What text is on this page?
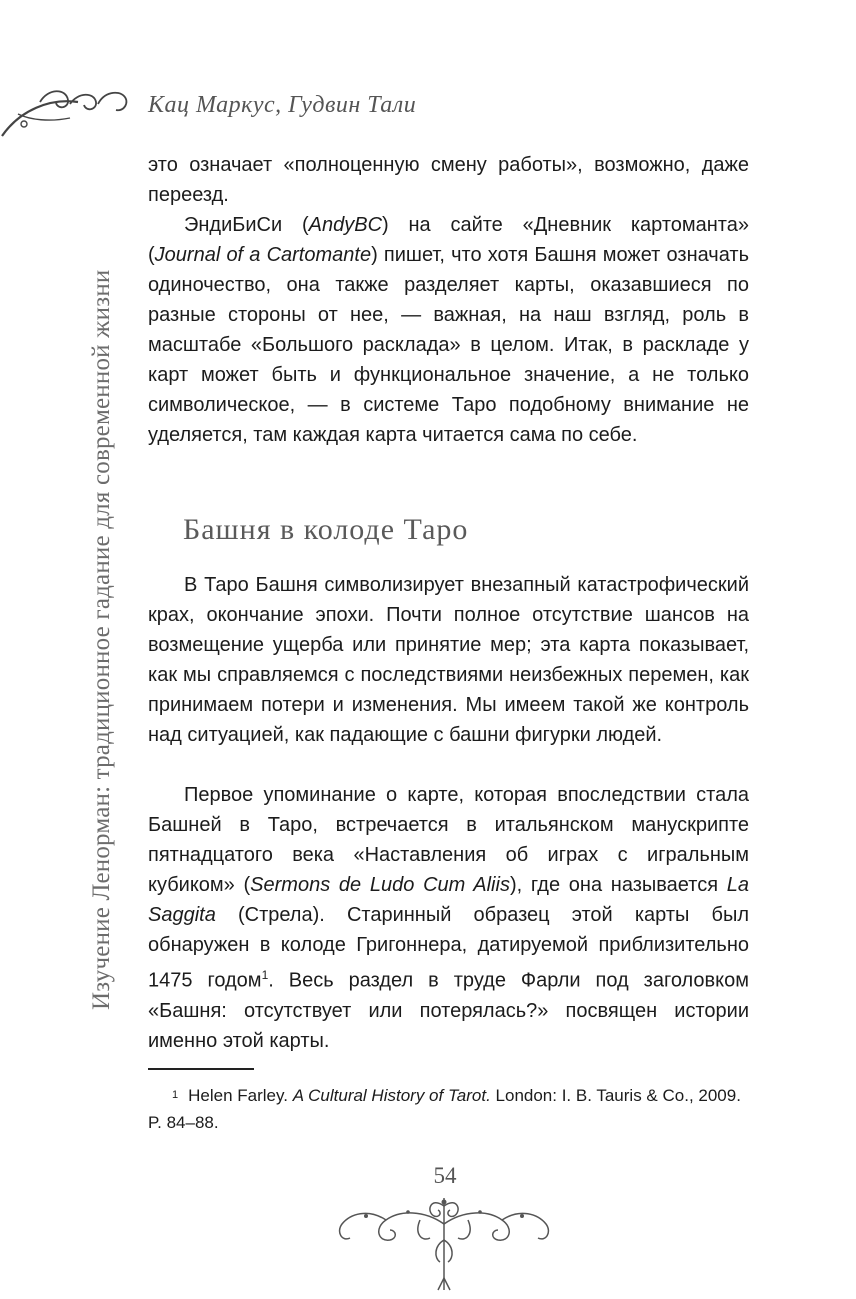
Кац Маркус, Гудвин Тали

Изучение Ленорман: традиционное гадание для современной жизни

это означает «полноценную смену работы», возможно, даже переезд.

ЭндиБиСи (AndyBC) на сайте «Дневник картоманта» (Journal of a Cartomante) пишет, что хотя Башня может означать одиночество, она также разделяет карты, оказавшиеся по разные стороны от нее, — важная, на наш взгляд, роль в масштабе «Большого расклада» в целом. Итак, в раскладе у карт может быть и функциональное значение, а не только символическое, — в системе Таро подобному внимание не уделяется, там каждая карта читается сама по себе.

Башня в колоде Таро

В Таро Башня символизирует внезапный катастрофический крах, окончание эпохи. Почти полное отсутствие шансов на возмещение ущерба или принятие мер; эта карта показывает, как мы справляемся с последствиями неизбежных перемен, как принимаем потери и изменения. Мы имеем такой же контроль над ситуацией, как падающие с башни фигурки людей.

Первое упоминание о карте, которая впоследствии стала Башней в Таро, встречается в итальянском манускрипте пятнадцатого века «Наставления об играх с игральным кубиком» (Sermons de Ludo Cum Aliis), где она называется La Saggita (Стрела). Старинный образец этой карты был обнаружен в колоде Григоннера, датируемой приблизительно 1475 годом$^1$. Весь раздел в труде Фарли под заголовком «Башня: отсутствует или потерялась?» посвящен истории именно этой карты.

$^1$ Helen Farley. A Cultural History of Tarot. London: I. B. Tauris & Co., 2009. P. 84–88.

54
